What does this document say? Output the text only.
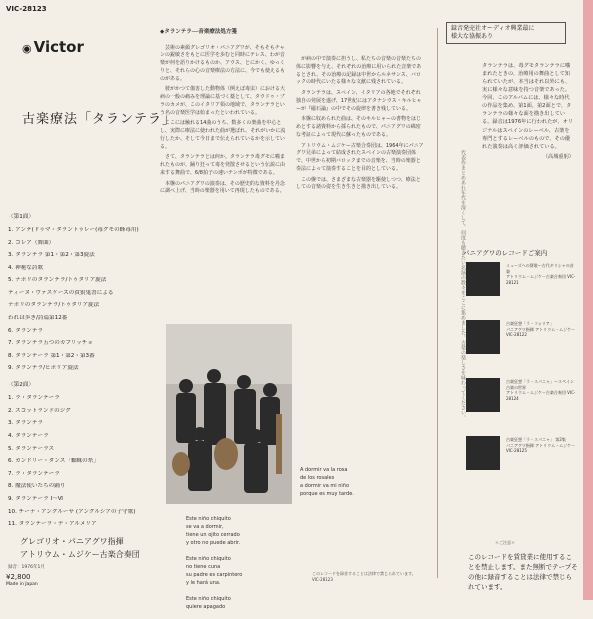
VIC-28123
◉ Victor
古楽療法「タランテラ」
〈第1面〉
1. アンテ(ドゥマ・タラントゥレー(毒グモの蜂毒用)
2. コレア（舞曲）
3. タランテラ 第1・第2・第3旋法
4. 神秘な詩歌
5. ナポリのタランテラ/トゥタリア旋法
ティーヌ・ヴァスケーズの貧狼鬼書による
ナポリのタランテラ/トゥタリア旋法
われは歩き/詩篇第12番
6. タランテラ
7. タランテラ五つのカプリッチョ
8. タランテーラ 第1・第2・第3番
9. タランテラ/ヒポリア旋法
〈第2面〉
1. ラ・タランテーラ
2. スコットランドのジグ
3. タランテラ
4. タランテーラ
5. タランテーラス
6. カンドリー・ダンス「蜘蛛の糸」
7. ラ・タランテーラ
8. 魔法使いたちの踊り
9. タランテーラ Ⅰ〜Ⅵ
10. チーナ・アングルーサ (アングルシアの子守歌)
11. タランテーラ・デ・アルメリア
グレゴリオ・パニアグワ指揮
アトリウム・ムジケー古楽合奏団
録音：1976年1月
¥2,800
Made in Japan
◆タランテラ──音楽療法処方箋

芸術の素顔グレゴリオ・パニアグワが、そもそもチャンの鋭敏さをもとに医学を歩むと同時にテレス、わが音楽が何を語りかけるものか、アウス、とにかく、ゆっくりと、それらの心の音楽療法の方法に、今でも使えるものがある。

彼がかつて傷害した動物体（例えば毒虫）における大病の一般の痛みを理論に基づく薬として、タウドゥ・ブラのカメが、このイタリア領の地域で、タランテラという名の音楽医学は始まったといわれている。

ここには触れる14曲のうち、数多くの楽曲を中心とし、実際に療法に使われた曲が選ばれ、それがいかに流行したか、そして今日まで伝えられているかを示している。

さて、タランテラとは何か。タランテラ毒グモに噛まれたものが、踊り狂って毒を発散させるという伝説に由来する舞曲で、6/8拍子の速いテンポが特徴である。

本盤のパニアグワの演奏は、その歴史的な資料を丹念に調べ上げ、当時の楽器を用いて再現したものである。

が病の中で演奏に担うし、私たちの音楽の音楽たちの体に影響を与え、それぞれの治療に用いられた音楽であるとされ、その治療の記録は中世からルネサンス、バロックの時代にいたる様々な文献に残されている。

タランテラは、スペイン、イタリアの各地でそれぞれ独自の発展を遂げ、17世紀にはアタナシウス・キルヒャーが『磁石論』の中でその旋律を書き残している。

本盤に収められた曲は、そのキルヒャーの書物をはじめとする諸資料から採られたもので、パニアグワの綿密な考証によって現代に蘇ったものである。

アトリウム・ムジケー古楽合奏団は、1964年にパニアグワ兄弟によって結成されたスペインの古楽演奏団体で、中世から初期バロックまでの音楽を、当時の楽器と奏法によって演奏することを目的としている。

この盤では、さまざまな古楽器を駆使しつつ、療法としての音楽の姿を生き生きと描き出している。

Este niño chiquito
se va a dormir,
tiene un ojito cerrado
y otro no puede abrir.
Este niño chiquito
no tiene cuna
su padre es carpintero
y le hará una.
Este niño chiquito
quiere apagado
A dormir va la rosa
de los rosales
a dormir va mi niño
porque es muy tarde.
このレコードを録音することは法律で禁じられています。
VIC-28123
録音発売社オーディオ興業最に
様大な協振あり
タランテラは、毒グモタランテラに噛まれたときの、治療用の舞曲として知られていたが、本当はそれ以外にも、実に様々な意味を持つ音楽であった。今回、このアルバムには、様々な時代の作品を集め、第1面、第2面とで、タランテラの様々な面を描き出している。録音は1976年に行われたが、オリジナルはスペインのレーベル、古楽を専門とするレーベルのもので、その優れた演奏は高く評価されている。
（高城重躬）
代表作まとめあれ年代を深くして、何度も聴きたい名演の数々をここに集めました。古楽の楽しさを味わってください。
パニアグワのレコードご案内
ミューズへの賛歌〜古代ギリシャの音楽
アトリウム・ムジケー古楽合奏団 VIC-28121
古楽狂想「ラ・フォリア」
パニアグワ指揮 アトリウム・ムジケー VIC-28122
古楽狂想「ラ・スパニャ」〜スペイン古楽の世界
アトリウム・ムジケー古楽合奏団 VIC-28124
古楽狂想「ラ・スパニャ」 第2集
パニアグワ指揮 アトリウム・ムジケー VIC-28125
＊ご注意＊
このレコードを賃貸業に使用することを禁止します。また無断でテープその他に録音することは法律で禁じられています。
